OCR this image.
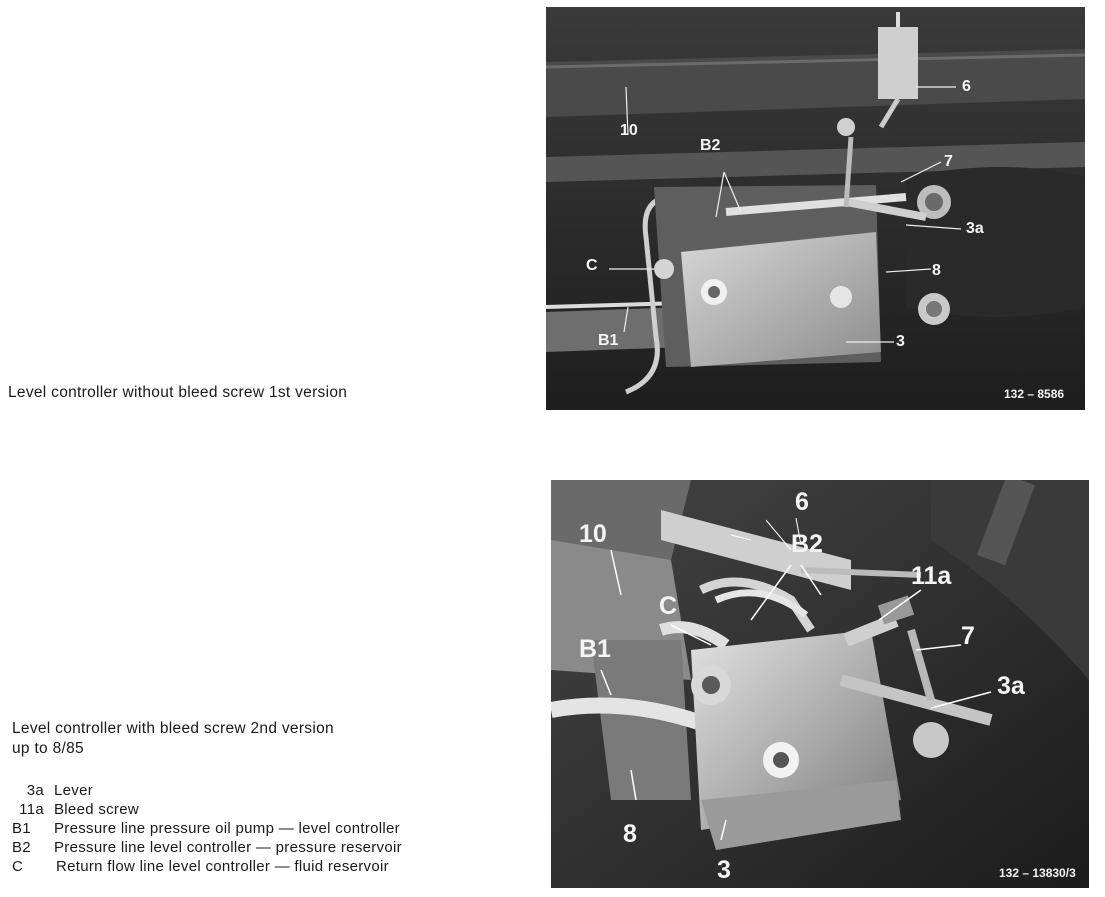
6
10
B2
7
3a
C	8
B1	3
132 – 8586
6
10	B2
11a
C
7
B1
3a
8
3	132 – 13830/3
Level controller without bleed screw 1st version
Level controller with bleed screw 2nd version
up to 8/85
3a Lever
11a Bleed screw
B1	Pressure line pressure oil pump — level controller
B2	Pressure line level controller — pressure reservoir
C	Return flow line level controller — fluid reservoir
